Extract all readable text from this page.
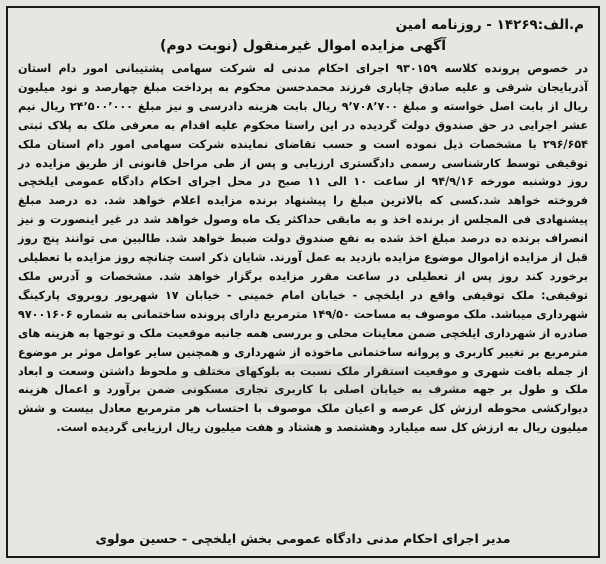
م.الف:۱۴۲۶۹ - روزنامه امین
آگهی مزایده اموال غیرمنقول (نوبت دوم)

در خصوص پرونده کلاسه ۹۳۰۱۵۹ اجرای احکام مدنی له شرکت سهامی پشتیبانی امور دام استان آذربایجان شرقی و علیه صادق چاپاری فرزند محمدحسن محکوم به پرداخت مبلغ چهارصد و نود میلیون ریال از بابت اصل خواسته و مبلغ ۹٬۷۰۸٬۷۰۰ ریال بابت هزینه دادرسی و نیز مبلغ ۲۴٬۵۰۰٬۰۰۰ ریال نیم عشر اجرایی در حق صندوق دولت گردیده در این راستا محکوم علیه اقدام به معرفی ملک به پلاک ثبتی ۲۹۶/۶۵۴ با مشخصات ذیل نموده است و حسب تقاضای نماینده شرکت سهامی امور دام استان ملک توقیفی توسط کارشناسی رسمی دادگستری ارزیابی و پس از طی مراحل قانونی از طریق مزایده در روز دوشنبه مورخه ۹۴/۹/۱۶ از ساعت ۱۰ الی ۱۱ صبح در محل اجرای احکام دادگاه عمومی ایلخچی فروخته خواهد شد.کسی که بالاترین مبلغ را پیشنهاد برنده مزایده اعلام خواهد شد. ده درصد مبلغ پیشنهادی فی المجلس از برنده اخذ و به مابقی حداکثر یک ماه وصول خواهد شد در غیر اینصورت و نیز انصراف برنده ده درصد مبلغ اخذ شده به نفع صندوق دولت ضبط خواهد شد. طالبین می توانند پنج روز قبل از مزایده ازاموال موضوع مزایده بازدید به عمل آورند. شایان ذکر است چنانچه روز مزایده با تعطیلی برخورد کند روز پس از تعطیلی در ساعت مقرر مزایده برگزار خواهد شد. مشخصات و آدرس ملک توقیفی: ملک توقیفی واقع در ایلخچی - خیابان امام خمینی - خیابان ۱۷ شهریور روبروی پارکینگ شهرداری میباشد. ملک موصوف به مساحت ۱۴۹/۵۰ مترمربع دارای پرونده ساختمانی به شماره ۹۷۰۰۱۶۰۶ صادره از شهرداری ایلخچی ضمن معاینات محلی و بررسی همه جانبه موقعیت ملک و توجها به هزینه های مترمربع بر تغییر کاربری و پروانه ساختمانی ماخوذه از شهرداری و همچنین سایر عوامل موثر بر موضوع از جمله بافت شهری و موقعیت استقرار ملک نسبت به بلوکهای مختلف و ملحوظ داشتن وسعت و ابعاد ملک و طول بر جهه مشرف به خیابان اصلی با کاربری تجاری مسکونی ضمن برآورد و اعمال هزینه دیوارکشی محوطه ارزش کل عرصه و اعیان ملک موصوف با احتساب هر مترمربع معادل بیست و شش میلیون ریال به ارزش کل سه میلیارد وهشتصد و هشتاد و هفت میلیون ریال ارزیابی گردیده است.

مدیر اجرای احکام مدنی دادگاه عمومی بخش ایلخچی - حسین مولوی
